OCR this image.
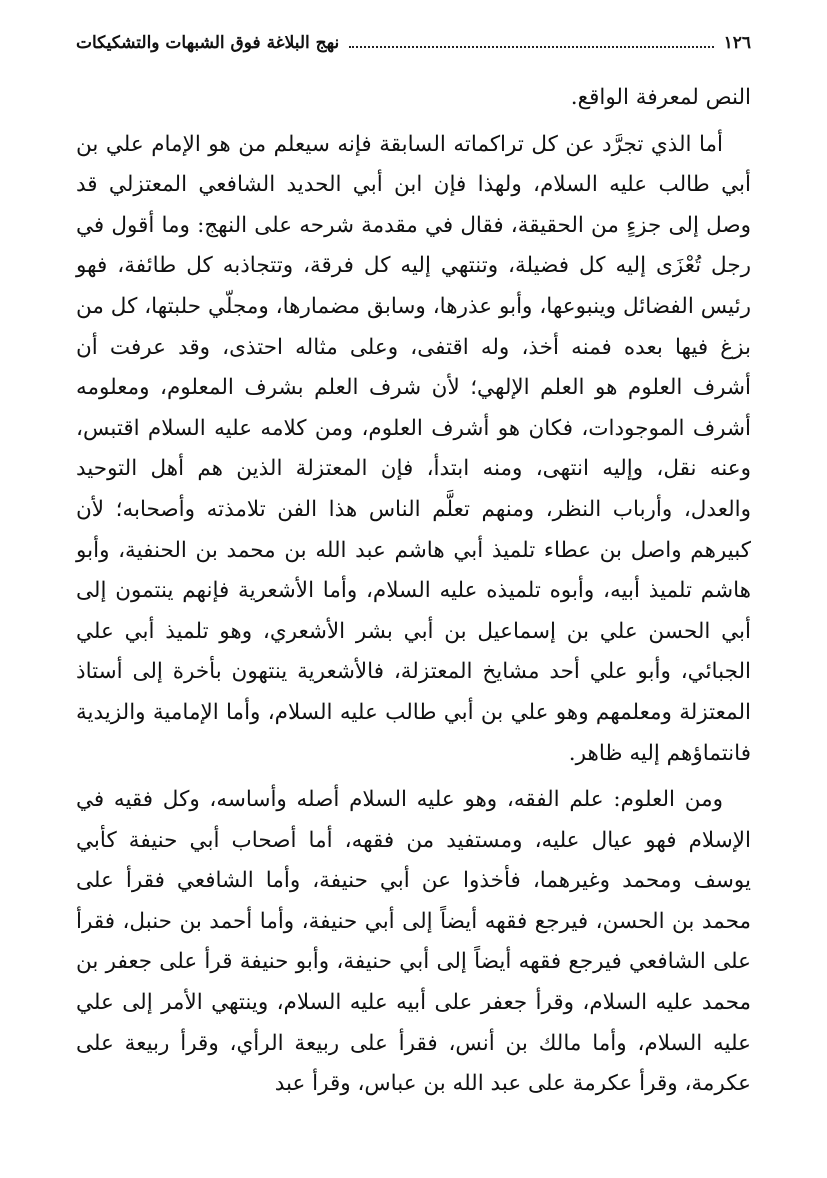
١٢٦
نهج البلاغة فوق الشبهات والتشكيكات

النص لمعرفة الواقع.

أما الذي تجرَّد عن كل تراكماته السابقة فإنه سيعلم من هو الإمام علي بن أبي طالب عليه السلام، ولهذا فإن ابن أبي الحديد الشافعي المعتزلي قد وصل إلى جزءٍ من الحقيقة، فقال في مقدمة شرحه على النهج: وما أقول في رجل تُعْزَى إليه كل فضيلة، وتنتهي إليه كل فرقة، وتتجاذبه كل طائفة، فهو رئيس الفضائل وينبوعها، وأبو عذرها، وسابق مضمارها، ومجلّي حلبتها، كل من بزغ فيها بعده فمنه أخذ، وله اقتفى، وعلى مثاله احتذى، وقد عرفت أن أشرف العلوم هو العلم الإلهي؛ لأن شرف العلم بشرف المعلوم، ومعلومه أشرف الموجودات، فكان هو أشرف العلوم، ومن كلامه عليه السلام اقتبس، وعنه نقل، وإليه انتهى، ومنه ابتدأ، فإن المعتزلة الذين هم أهل التوحيد والعدل، وأرباب النظر، ومنهم تعلَّم الناس هذا الفن تلامذته وأصحابه؛ لأن كبيرهم واصل بن عطاء تلميذ أبي هاشم عبد الله بن محمد بن الحنفية، وأبو هاشم تلميذ أبيه، وأبوه تلميذه عليه السلام، وأما الأشعرية فإنهم ينتمون إلى أبي الحسن علي بن إسماعيل بن أبي بشر الأشعري، وهو تلميذ أبي علي الجبائي، وأبو علي أحد مشايخ المعتزلة، فالأشعرية ينتهون بأخرة إلى أستاذ المعتزلة ومعلمهم وهو علي بن أبي طالب عليه السلام، وأما الإمامية والزيدية فانتماؤهم إليه ظاهر.

ومن العلوم: علم الفقه، وهو عليه السلام أصله وأساسه، وكل فقيه في الإسلام فهو عيال عليه، ومستفيد من فقهه، أما أصحاب أبي حنيفة كأبي يوسف ومحمد وغيرهما، فأخذوا عن أبي حنيفة، وأما الشافعي فقرأ على محمد بن الحسن، فيرجع فقهه أيضاً إلى أبي حنيفة، وأما أحمد بن حنبل، فقرأ على الشافعي فيرجع فقهه أيضاً إلى أبي حنيفة، وأبو حنيفة قرأ على جعفر بن محمد عليه السلام، وقرأ جعفر على أبيه عليه السلام، وينتهي الأمر إلى علي عليه السلام، وأما مالك بن أنس، فقرأ على ربيعة الرأي، وقرأ ربيعة على عكرمة، وقرأ عكرمة على عبد الله بن عباس، وقرأ عبد
